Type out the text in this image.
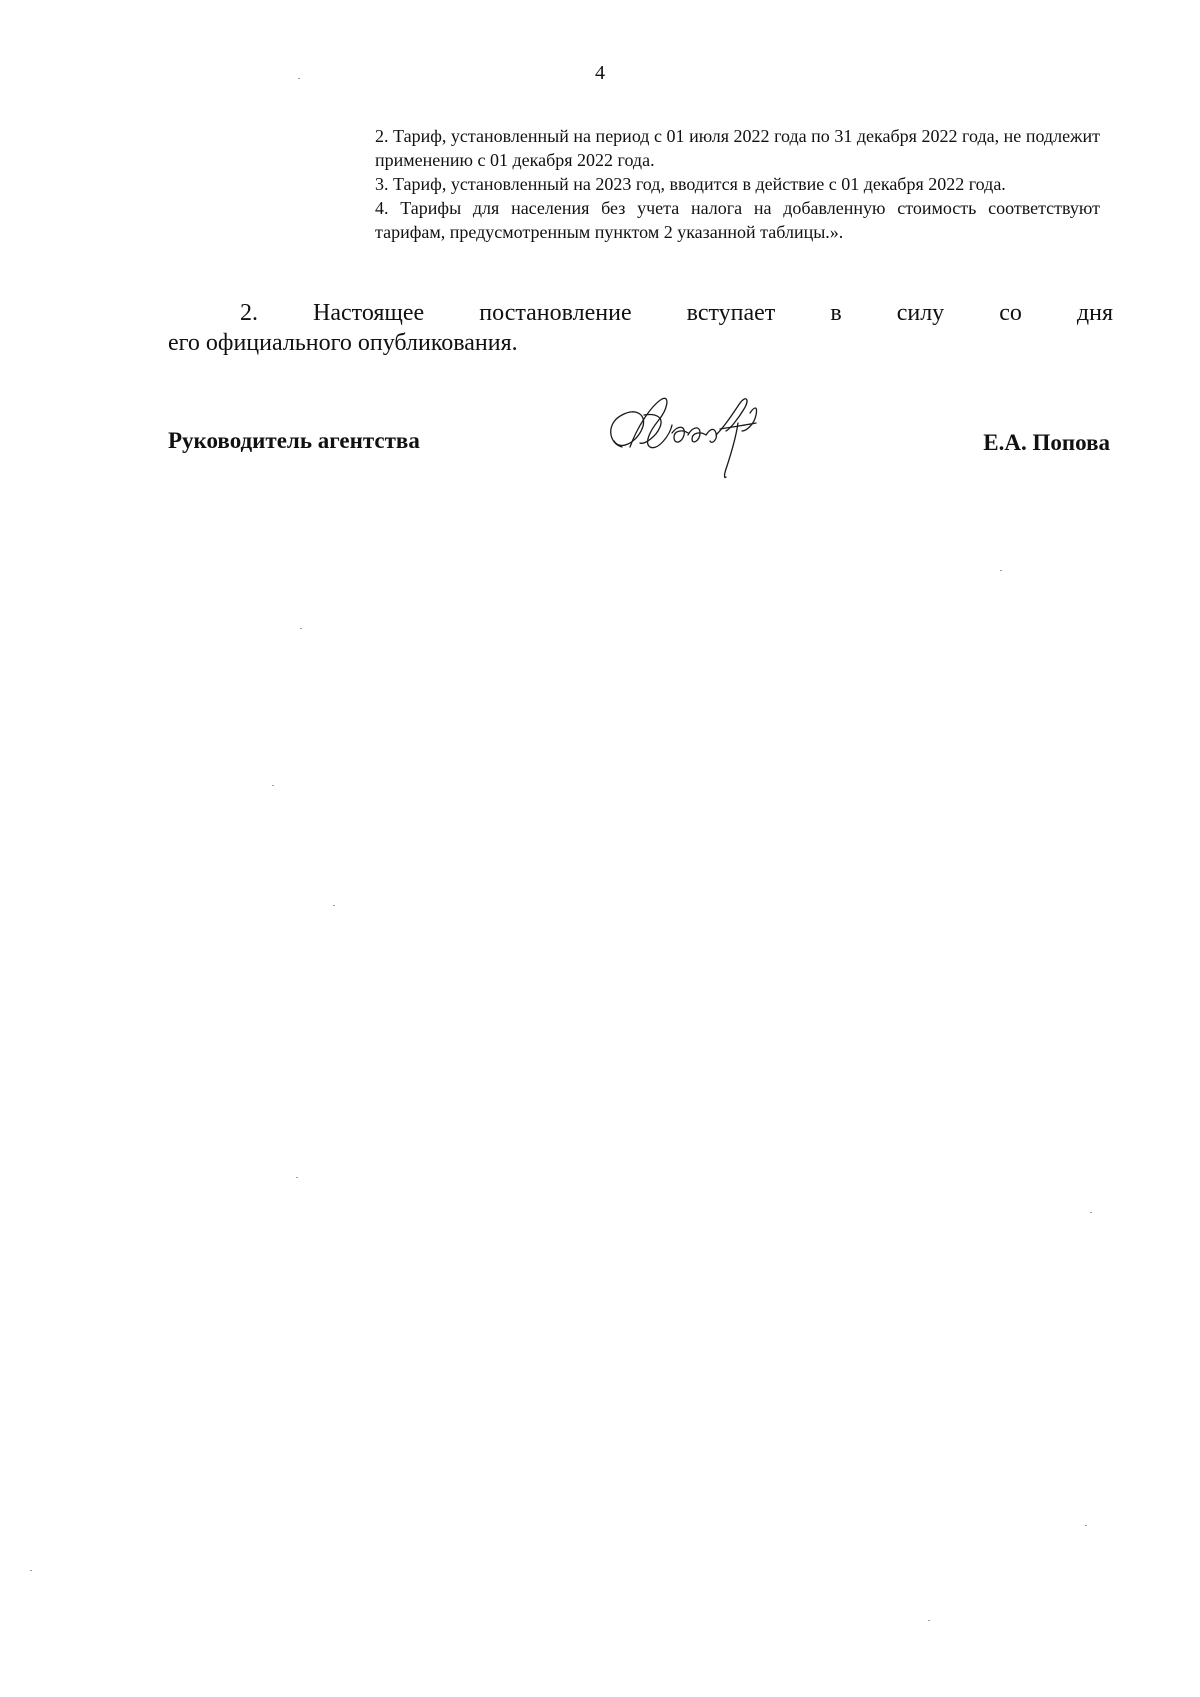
4

2. Тариф, установленный на период с 01 июля 2022 года по 31 декабря 2022 года, не подлежит применению с 01 декабря 2022 года.

3. Тариф, установленный на 2023 год, вводится в действие с 01 декабря 2022 года.

4. Тарифы для населения без учета налога на добавленную стоимость соответствуют тарифам, предусмотренным пунктом 2 указанной таблицы.».

2. Настоящее постановление вступает в силу со дня
его официального опубликования.
Руководитель агентства	Е.А. Попова
